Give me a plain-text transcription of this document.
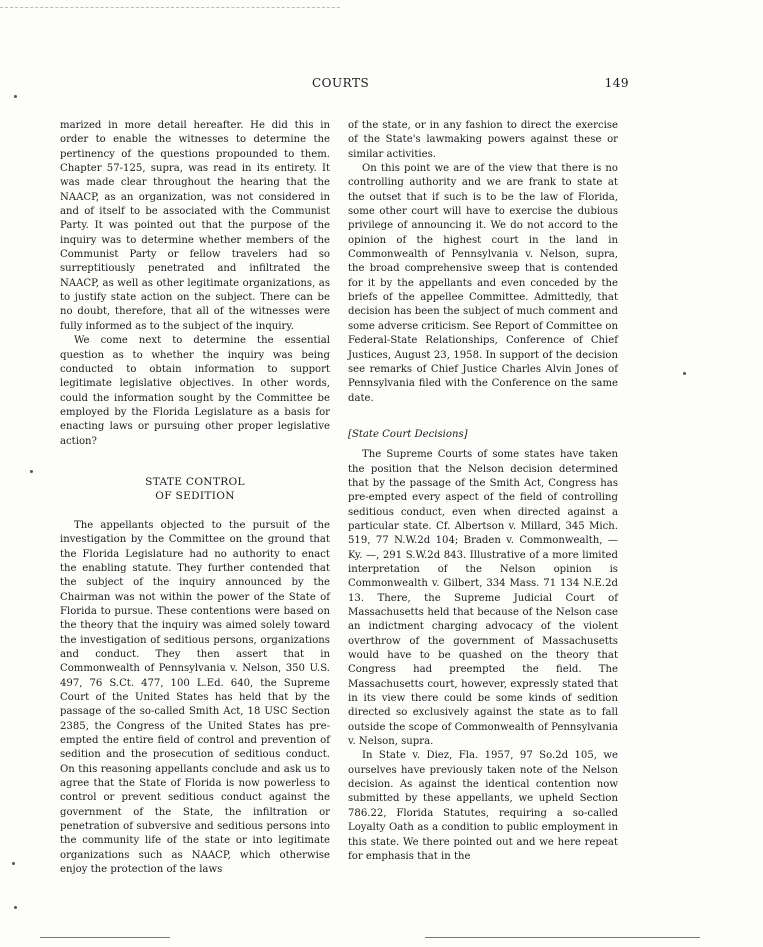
COURTS	149

marized in more detail hereafter. He did this in order to enable the witnesses to determine the pertinency of the questions propounded to them. Chapter 57-125, supra, was read in its entirety. It was made clear throughout the hearing that the NAACP, as an organization, was not considered in and of itself to be associated with the Communist Party. It was pointed out that the purpose of the inquiry was to determine whether members of the Communist Party or fellow travelers had so surreptitiously penetrated and infiltrated the NAACP, as well as other legitimate organizations, as to justify state action on the subject. There can be no doubt, therefore, that all of the witnesses were fully informed as to the subject of the inquiry.

We come next to determine the essential question as to whether the inquiry was being conducted to obtain information to support legitimate legislative objectives. In other words, could the information sought by the Committee be employed by the Florida Legislature as a basis for enacting laws or pursuing other proper legislative action?

STATE CONTROL
OF SEDITION

The appellants objected to the pursuit of the investigation by the Committee on the ground that the Florida Legislature had no authority to enact the enabling statute. They further contended that the subject of the inquiry announced by the Chairman was not within the power of the State of Florida to pursue. These contentions were based on the theory that the inquiry was aimed solely toward the investigation of seditious persons, organizations and conduct. They then assert that in Commonwealth of Pennsylvania v. Nelson, 350 U.S. 497, 76 S.Ct. 477, 100 L.Ed. 640, the Supreme Court of the United States has held that by the passage of the so-called Smith Act, 18 USC Section 2385, the Congress of the United States has pre-empted the entire field of control and prevention of sedition and the prosecution of seditious conduct. On this reasoning appellants conclude and ask us to agree that the State of Florida is now powerless to control or prevent seditious conduct against the government of the State, the infiltration or penetration of subversive and seditious persons into the community life of the state or into legitimate organizations such as NAACP, which otherwise enjoy the protection of the laws

of the state, or in any fashion to direct the exercise of the State's lawmaking powers against these or similar activities.

On this point we are of the view that there is no controlling authority and we are frank to state at the outset that if such is to be the law of Florida, some other court will have to exercise the dubious privilege of announcing it. We do not accord to the opinion of the highest court in the land in Commonwealth of Pennsylvania v. Nelson, supra, the broad comprehensive sweep that is contended for it by the appellants and even conceded by the briefs of the appellee Committee. Admittedly, that decision has been the subject of much comment and some adverse criticism. See Report of Committee on Federal-State Relationships, Conference of Chief Justices, August 23, 1958. In support of the decision see remarks of Chief Justice Charles Alvin Jones of Pennsylvania filed with the Conference on the same date.

[State Court Decisions]

The Supreme Courts of some states have taken the position that the Nelson decision determined that by the passage of the Smith Act, Congress has pre-empted every aspect of the field of controlling seditious conduct, even when directed against a particular state. Cf. Albertson v. Millard, 345 Mich. 519, 77 N.W.2d 104; Braden v. Commonwealth, — Ky. —, 291 S.W.2d 843. Illustrative of a more limited interpretation of the Nelson opinion is Commonwealth v. Gilbert, 334 Mass. 71 134 N.E.2d 13. There, the Supreme Judicial Court of Massachusetts held that because of the Nelson case an indictment charging advocacy of the violent overthrow of the government of Massachusetts would have to be quashed on the theory that Congress had preempted the field. The Massachusetts court, however, expressly stated that in its view there could be some kinds of sedition directed so exclusively against the state as to fall outside the scope of Commonwealth of Pennsylvania v. Nelson, supra.

In State v. Diez, Fla. 1957, 97 So.2d 105, we ourselves have previously taken note of the Nelson decision. As against the identical contention now submitted by these appellants, we upheld Section 786.22, Florida Statutes, requiring a so-called Loyalty Oath as a condition to public employment in this state. We there pointed out and we here repeat for emphasis that in the
